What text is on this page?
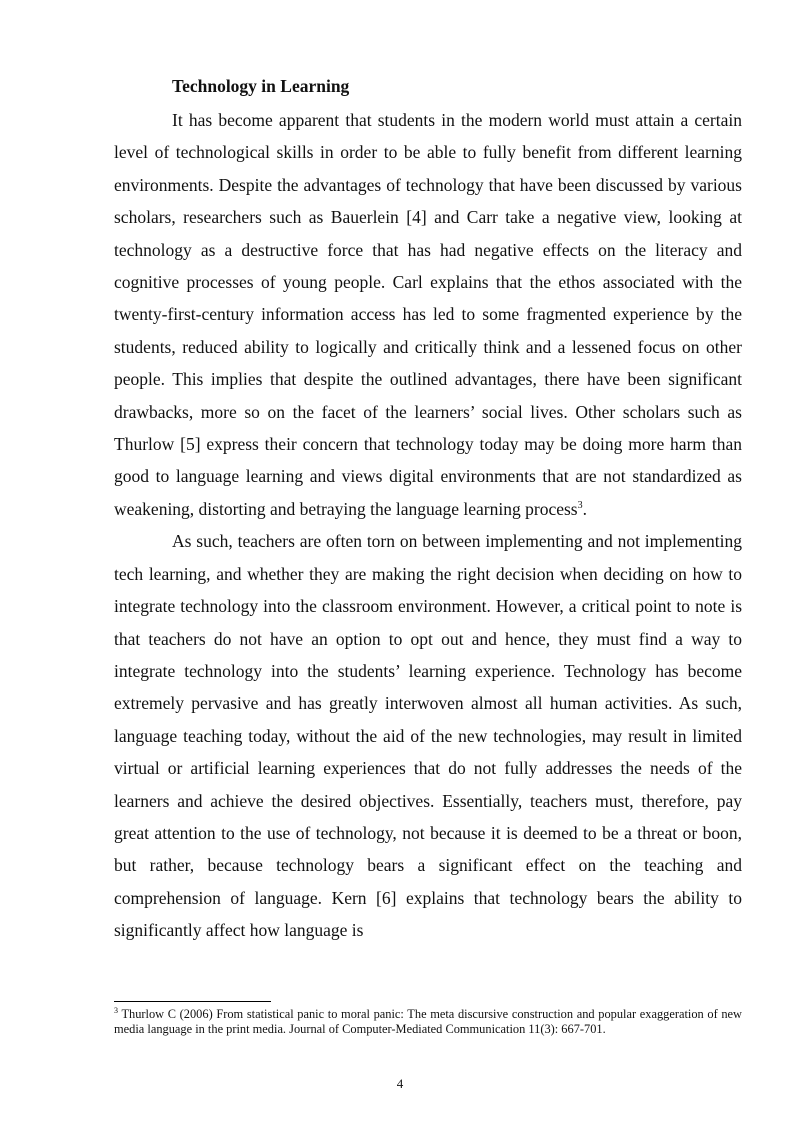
Technology in Learning

It has become apparent that students in the modern world must attain a certain level of technological skills in order to be able to fully benefit from different learning environments. Despite the advantages of technology that have been discussed by various scholars, researchers such as Bauerlein [4] and Carr take a negative view, looking at technology as a destructive force that has had negative effects on the literacy and cognitive processes of young people. Carl explains that the ethos associated with the twenty-first-century information access has led to some fragmented experience by the students, reduced ability to logically and critically think and a lessened focus on other people. This implies that despite the outlined advantages, there have been significant drawbacks, more so on the facet of the learners’ social lives. Other scholars such as Thurlow [5] express their concern that technology today may be doing more harm than good to language learning and views digital environments that are not standardized as weakening, distorting and betraying the language learning process$^3$.

As such, teachers are often torn on between implementing and not implementing tech learning, and whether they are making the right decision when deciding on how to integrate technology into the classroom environment. However, a critical point to note is that teachers do not have an option to opt out and hence, they must find a way to integrate technology into the students’ learning experience. Technology has become extremely pervasive and has greatly interwoven almost all human activities. As such, language teaching today, without the aid of the new technologies, may result in limited virtual or artificial learning experiences that do not fully addresses the needs of the learners and achieve the desired objectives. Essentially, teachers must, therefore, pay great attention to the use of technology, not because it is deemed to be a threat or boon, but rather, because technology bears a significant effect on the teaching and comprehension of language. Kern [6] explains that technology bears the ability to significantly affect how language is

$^3$ Thurlow C (2006) From statistical panic to moral panic: The meta discursive construction and popular exaggeration of new media language in the print media. Journal of Computer-Mediated Communication 11(3): 667-701.

4
